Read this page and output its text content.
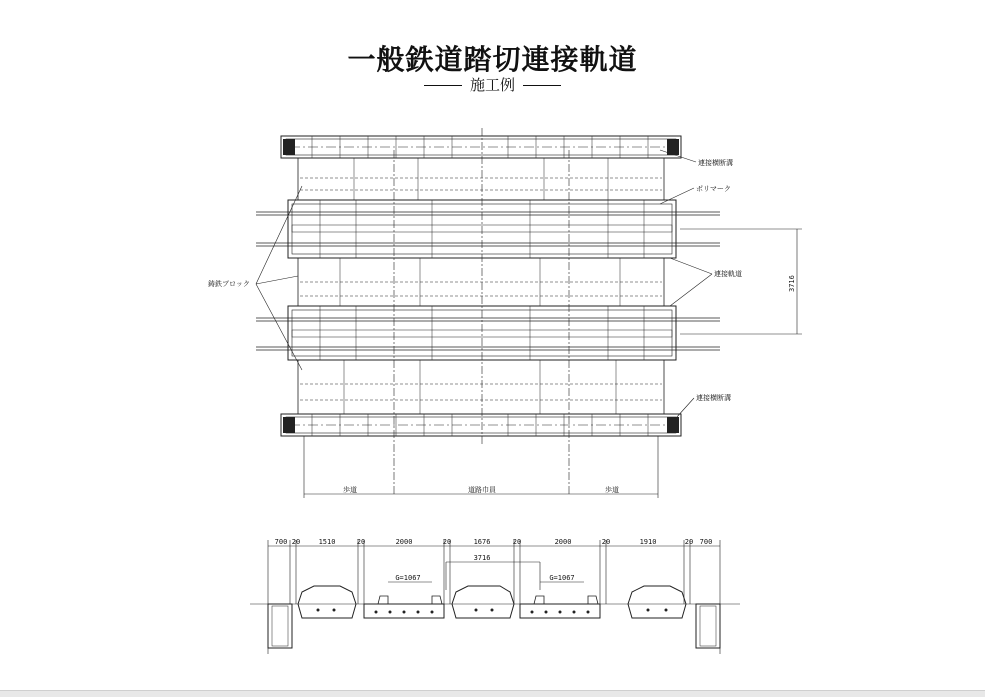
一般鉄道踏切連接軌道
施工例
連接横断溝
ポリマーク
鋳鉄ブロック
連接軌道
連接横断溝
3716
歩道	道路巾員	歩道
700 20	1510	20	2000	20	1676	20	2000	20	1910	20 700
3716
G=1067	G=1067
